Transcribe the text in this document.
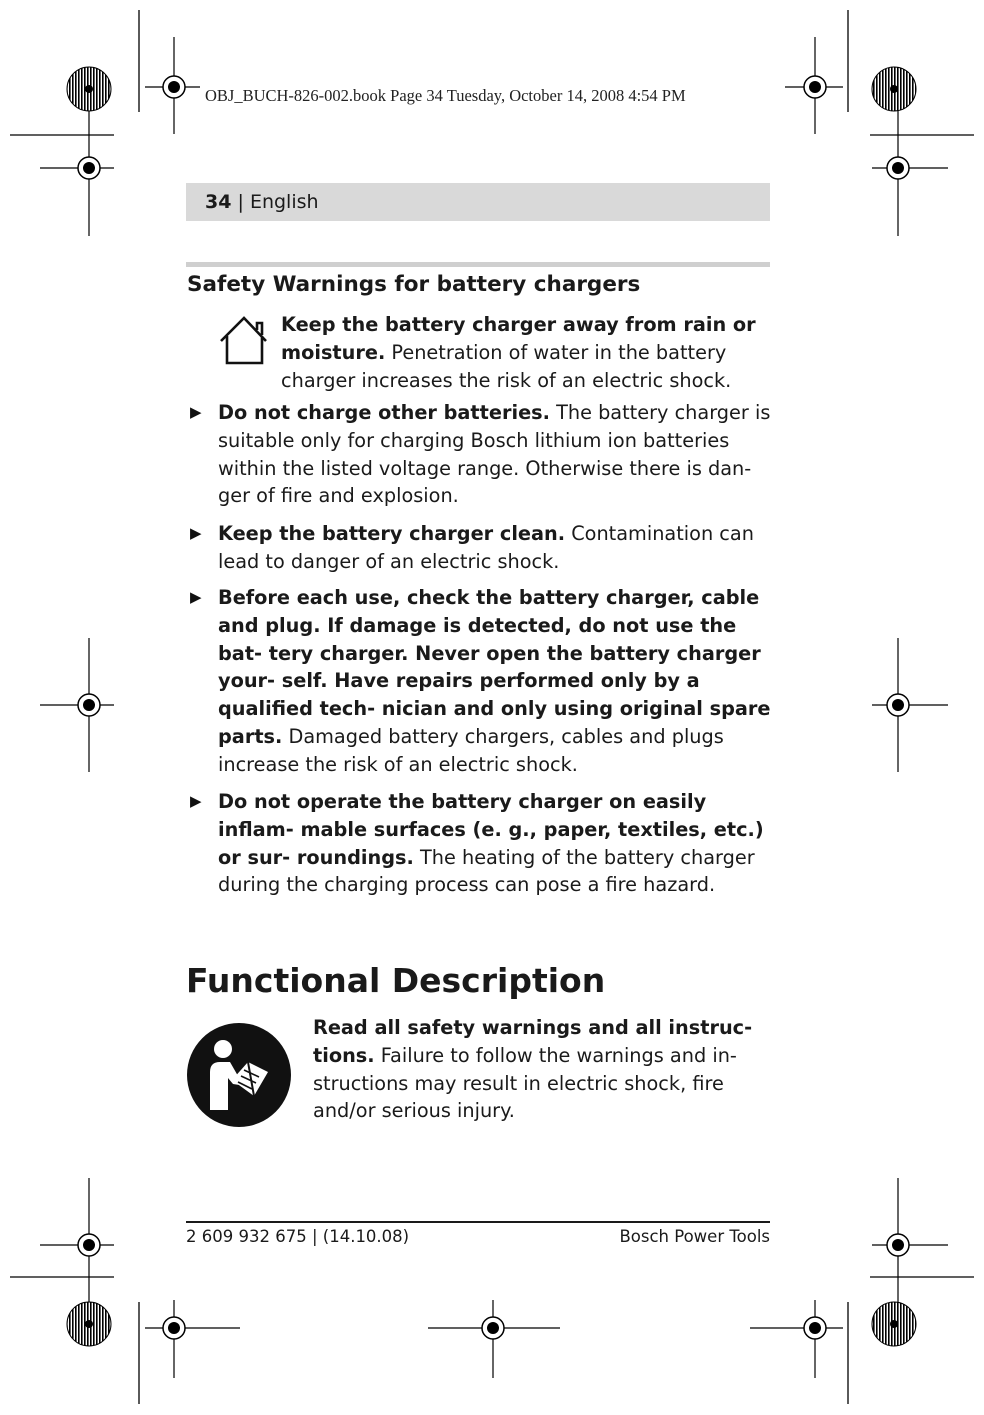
OBJ_BUCH-826-002.book Page 34 Tuesday, October 14, 2008 4:54 PM
34 | English
Safety Warnings for battery chargers
Keep the battery charger away from rain or moisture. Penetration of water in the battery charger increases the risk of an electric shock.
▶ Do not charge other batteries. The battery charger is suitable only for charging Bosch lithium ion batteries within the listed voltage range. Otherwise there is dan- ger of fire and explosion.
▶ Keep the battery charger clean. Contamination can lead to danger of an electric shock.
▶ Before each use, check the battery charger, cable and plug. If damage is detected, do not use the bat- tery charger. Never open the battery charger your- self. Have repairs performed only by a qualified tech- nician and only using original spare parts. Damaged battery chargers, cables and plugs increase the risk of an electric shock.
▶ Do not operate the battery charger on easily inflam- mable surfaces (e. g., paper, textiles, etc.) or sur- roundings. The heating of the battery charger during the charging process can pose a fire hazard.
Functional Description
Read all safety warnings and all instruc- tions. Failure to follow the warnings and in- structions may result in electric shock, fire and/or serious injury.
2 609 932 675 | (14.10.08)	Bosch Power Tools
